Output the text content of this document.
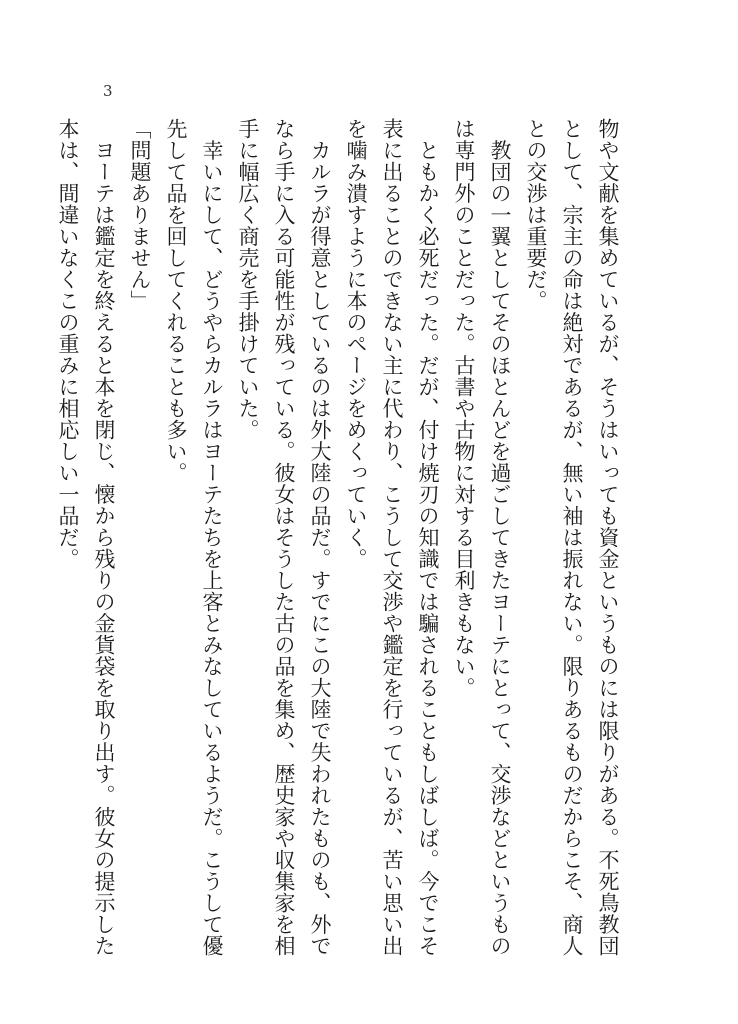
3

物や文献を集めているが、そうはいっても資金というものには限りがある。不死鳥教団として、宗主の命は絶対であるが、無い袖は振れない。限りあるものだからこそ、商人との交渉は重要だ。

　教団の一翼としてそのほとんどを過ごしてきたヨーテにとって、交渉などというものは専門外のことだった。古書や古物に対する目利きもない。

　ともかく必死だった。だが、付け焼刃の知識では騙されることもしばしば。今でこそ表に出ることのできない主に代わり、こうして交渉や鑑定を行っているが、苦い思い出を噛み潰すように本のページをめくっていく。

　カルラが得意としているのは外大陸の品だ。すでにこの大陸で失われたものも、外でなら手に入る可能性が残っている。彼女はそうした古の品を集め、歴史家や収集家を相手に幅広く商売を手掛けていた。

　幸いにして、どうやらカルラはヨーテたちを上客とみなしているようだ。こうして優先して品を回してくれることも多い。

「問題ありません」

　ヨーテは鑑定を終えると本を閉じ、懐から残りの金貨袋を取り出す。彼女の提示した本は、間違いなくこの重みに相応しい一品だ。
